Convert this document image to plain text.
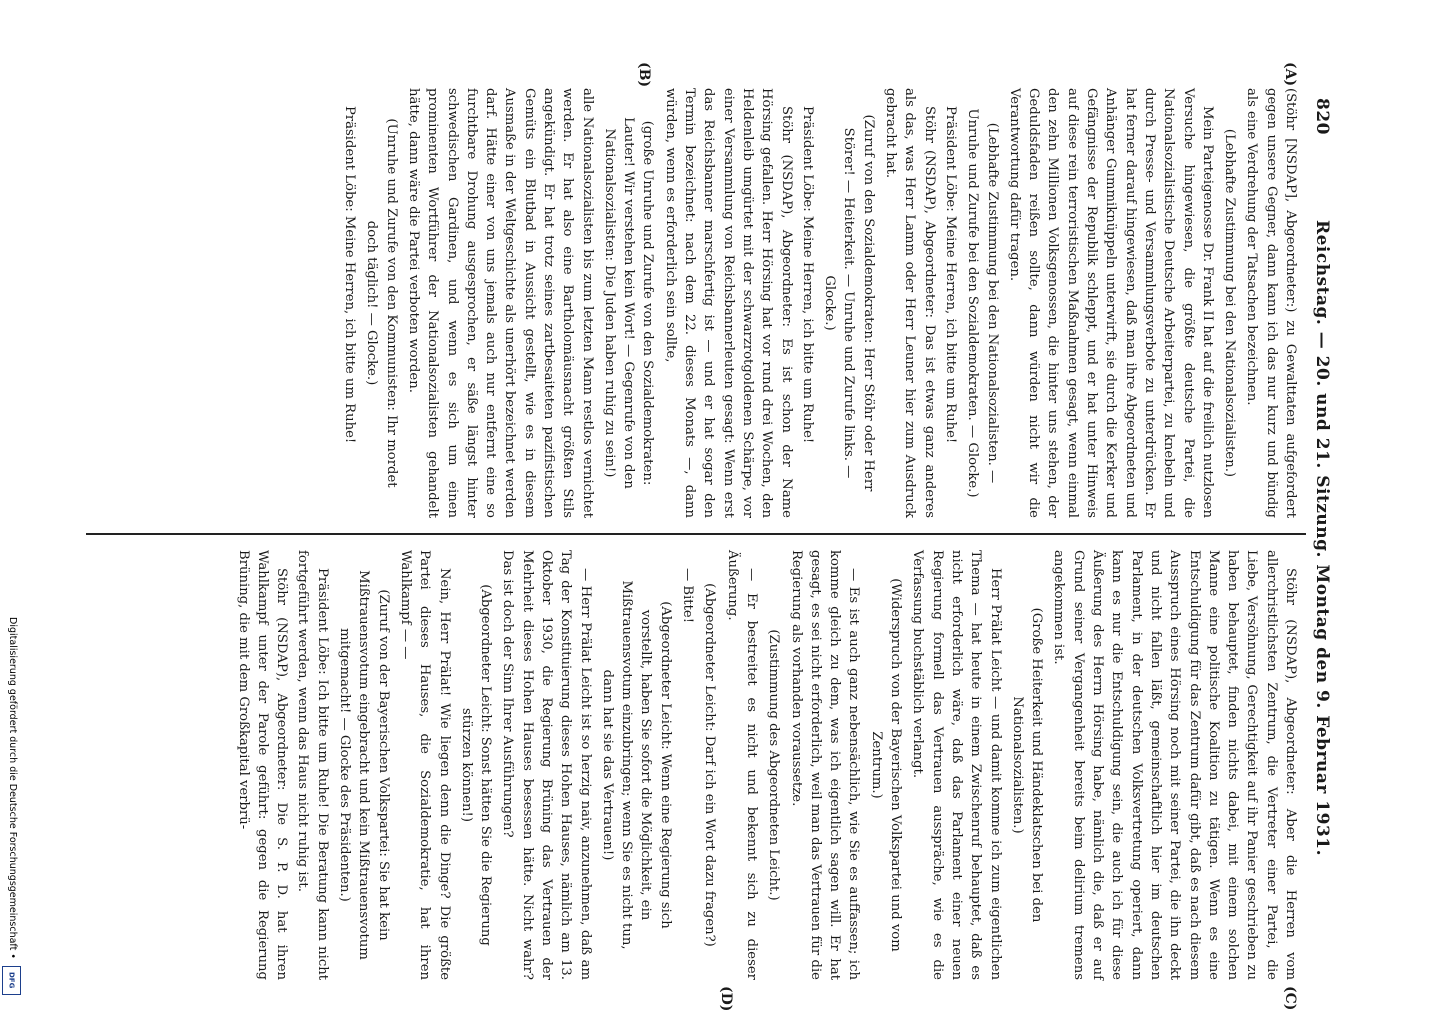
820
Reichstag. — 20. und 21. Sitzung. Montag den 9. Februar 1931.
(A)
(B)
(C)
(D)

(Stöhr [NSDAP], Abgeordneter:) zu Gewalttaten aufgefordert gegen unsere Gegner, dann kann ich das nur kurz und bündig als eine Verdrehung der Tatsachen bezeichnen.

(Lebhafte Zustimmung bei den Nationalsozialisten.)

Mein Parteigenosse Dr. Frank II hat auf die freilich nutzlosen Versuche hingewiesen, die größte deutsche Partei, die Nationalsozialistische Deutsche Arbeiterpartei, zu knebeln und durch Presse- und Versammlungsverbote zu unterdrücken. Er hat ferner darauf hingewiesen, daß man ihre Abgeordneten und Anhänger Gummiknüppeln unterwirft, sie durch die Kerker und Gefängnisse der Republik schleppt, und er hat unter Hinweis auf diese rein terroristischen Maßnahmen gesagt, wenn einmal den zehn Millionen Volksgenossen, die hinter uns stehen, der Geduldsfaden reißen sollte, dann würden nicht wir die Verantwortung dafür tragen.

(Lebhafte Zustimmung bei den Nationalsozialisten. — Unruhe und Zurufe bei den Sozialdemokraten. — Glocke.)

Präsident Löbe: Meine Herren, ich bitte um Ruhe!

Stöhr (NSDAP), Abgeordneter: Das ist etwas ganz anderes als das, was Herr Lamm oder Herr Leuner hier zum Ausdruck gebracht hat.

(Zuruf von den Sozialdemokraten: Herr Stöhr oder Herr Störer! — Heiterkeit. — Unruhe und Zurufe links. — Glocke.)

Präsident Löbe: Meine Herren, ich bitte um Ruhe!

Stöhr (NSDAP), Abgeordneter: Es ist schon der Name Hörsing gefallen. Herr Hörsing hat vor rund drei Wochen, den Heldenleib umgürtet mit der schwarzrotgoldenen Schärpe, vor einer Versammlung von Reichsbannerleuten gesagt: Wenn erst das Reichsbanner marschfertig ist — und er hat sogar den Termin bezeichnet: nach dem 22. dieses Monats —, dann würden, wenn es erforderlich sein sollte,

(große Unruhe und Zurufe von den Sozialdemokraten: Lauter! Wir verstehen kein Wort! — Gegenrufe von den Nationalsozialisten: Die Juden haben ruhig zu sein!)

alle Nationalsozialisten bis zum letzten Mann restlos vernichtet werden. Er hat also eine Bartholomäusnacht größten Stils angekündigt. Er hat trotz seines zartbesaiteten pazifistischen Gemüts ein Blutbad in Aussicht gestellt, wie es in diesem Ausmaße in der Weltgeschichte als unerhört bezeichnet werden darf. Hätte einer von uns jemals auch nur entfernt eine so furchtbare Drohung ausgesprochen, er säße längst hinter schwedischen Gardinen, und wenn es sich um einen prominenten Wortführer der Nationalsozialisten gehandelt hätte, dann wäre die Partei verboten worden.

(Unruhe und Zurufe von den Kommunisten: Ihr mordet doch täglich! — Glocke.)

Präsident Löbe: Meine Herren, ich bitte um Ruhe!

Stöhr (NSDAP), Abgeordneter: Aber die Herren vom allerchristlichsten Zentrum, die Vertreter einer Partei, die Liebe, Versöhnung, Gerechtigkeit auf ihr Panier geschrieben zu haben behauptet, finden nichts dabei, mit einem solchen Manne eine politische Koalition zu tätigen. Wenn es eine Entschuldigung für das Zentrum dafür gibt, daß es nach diesem Ausspruch eines Hörsing noch mit seiner Partei, die ihn deckt und nicht fallen läßt, gemeinschaftlich hier im deutschen Parlament, in der deutschen Volksvertretung operiert, dann kann es nur die Entschuldigung sein, die auch ich für diese Äußerung des Herrn Hörsing habe, nämlich die, daß er auf Grund seiner Vergangenheit bereits beim delirium tremens angekommen ist.

(Große Heiterkeit und Händeklatschen bei den Nationalsozialisten.)

Herr Prälat Leicht — und damit komme ich zum eigentlichen Thema — hat heute in einem Zwischenruf behauptet, daß es nicht erforderlich wäre, daß das Parlament einer neuen Regierung formell das Vertrauen ausspräche, wie es die Verfassung buchstäblich verlangt.

(Widerspruch von der Bayerischen Volkspartei und vom Zentrum.)

— Es ist auch ganz nebensächlich, wie Sie es auffassen; ich komme gleich zu dem, was ich eigentlich sagen will. Er hat gesagt, es sei nicht erforderlich, weil man das Vertrauen für die Regierung als vorhanden voraussetze.

(Zustimmung des Abgeordneten Leicht.)

— Er bestreitet es nicht und bekennt sich zu dieser Äußerung.

(Abgeordneter Leicht: Darf ich ein Wort dazu fragen?)

— Bitte!

(Abgeordneter Leicht: Wenn eine Regierung sich vorstellt, haben Sie sofort die Möglichkeit, ein Mißtrauensvotum einzubringen; wenn Sie es nicht tun, dann hat sie das Vertrauen!)

— Herr Prälat Leicht ist so herzig naiv, anzunehmen, daß am Tag der Konstituierung dieses Hohen Hauses, nämlich am 13. Oktober 1930, die Regierung Brüning das Vertrauen der Mehrheit dieses Hohen Hauses besessen hätte. Nicht wahr? Das ist doch der Sinn Ihrer Ausführungen?

(Abgeordneter Leicht: Sonst hätten Sie die Regierung stürzen können!)

Nein, Herr Prälat! Wie liegen denn die Dinge? Die größte Partei dieses Hauses, die Sozialdemokratie, hat ihren Wahlkampf — —

(Zuruf von der Bayerischen Volkspartei: Sie hat kein Mißtrauensvotum eingebracht und kein Mißtrauensvotum mitgemacht! — Glocke des Präsidenten.)

Präsident Löbe: Ich bitte um Ruhe! Die Beratung kann nicht fortgeführt werden, wenn das Haus nicht ruhig ist.

Stöhr (NSDAP), Abgeordneter: Die S. P. D. hat ihren Wahlkampf unter der Parole geführt: gegen die Regierung Brüning, die mit dem Großkapital verbrü-

Digitalisierung gefördert durch die Deutsche Forschungsgemeinschaft •
DFG
